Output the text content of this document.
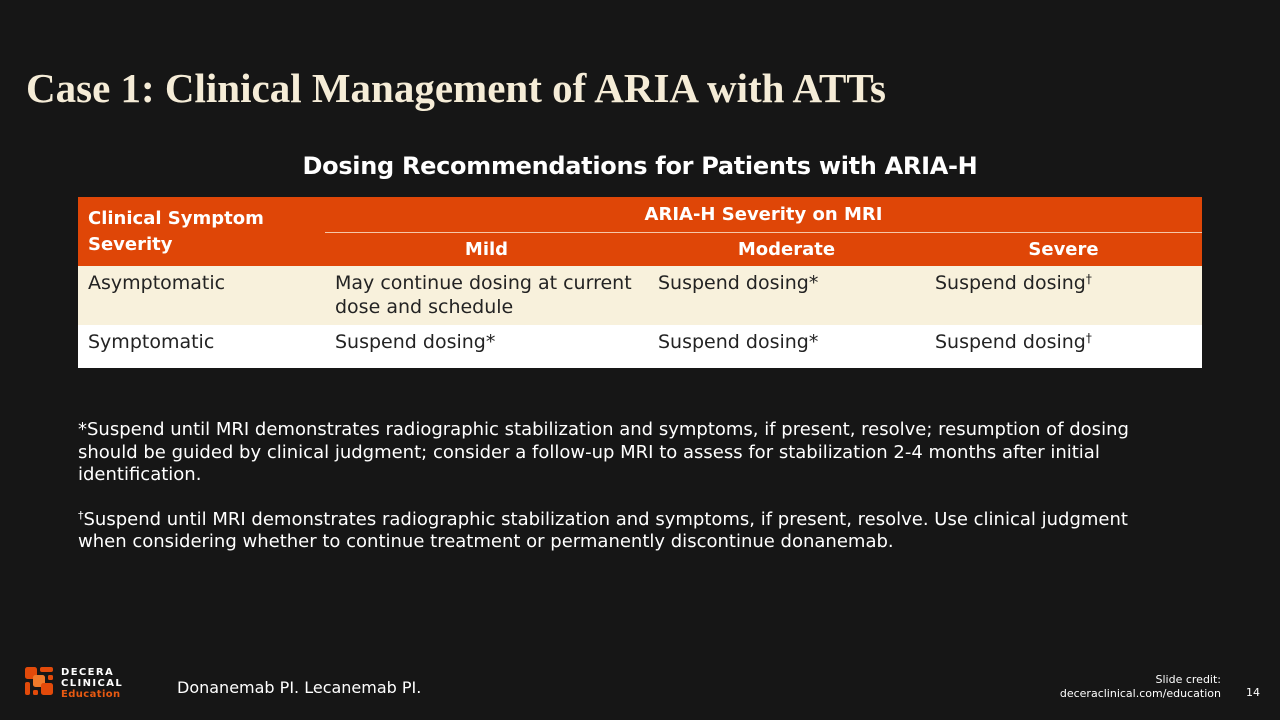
Case 1: Clinical Management of ARIA with ATTs
Dosing Recommendations for Patients with ARIA-H
Clinical Symptom Severity	ARIA-H Severity on MRI		
	Mild	Moderate	Severe
Asymptomatic	May continue dosing at current dose and schedule	Suspend dosing*	Suspend dosing†
Symptomatic	Suspend dosing*	Suspend dosing*	Suspend dosing†

*Suspend until MRI demonstrates radiographic stabilization and symptoms, if present, resolve; resumption of dosing should be guided by clinical judgment; consider a follow-up MRI to assess for stabilization 2-4 months after initial identification.

†Suspend until MRI demonstrates radiographic stabilization and symptoms, if present, resolve. Use clinical judgment when considering whether to continue treatment or permanently discontinue donanemab.

DECERA
CLINICAL
Education	Donanemab PI. Lecanemab PI.	Slide credit:
deceraclinical.com/education 14
